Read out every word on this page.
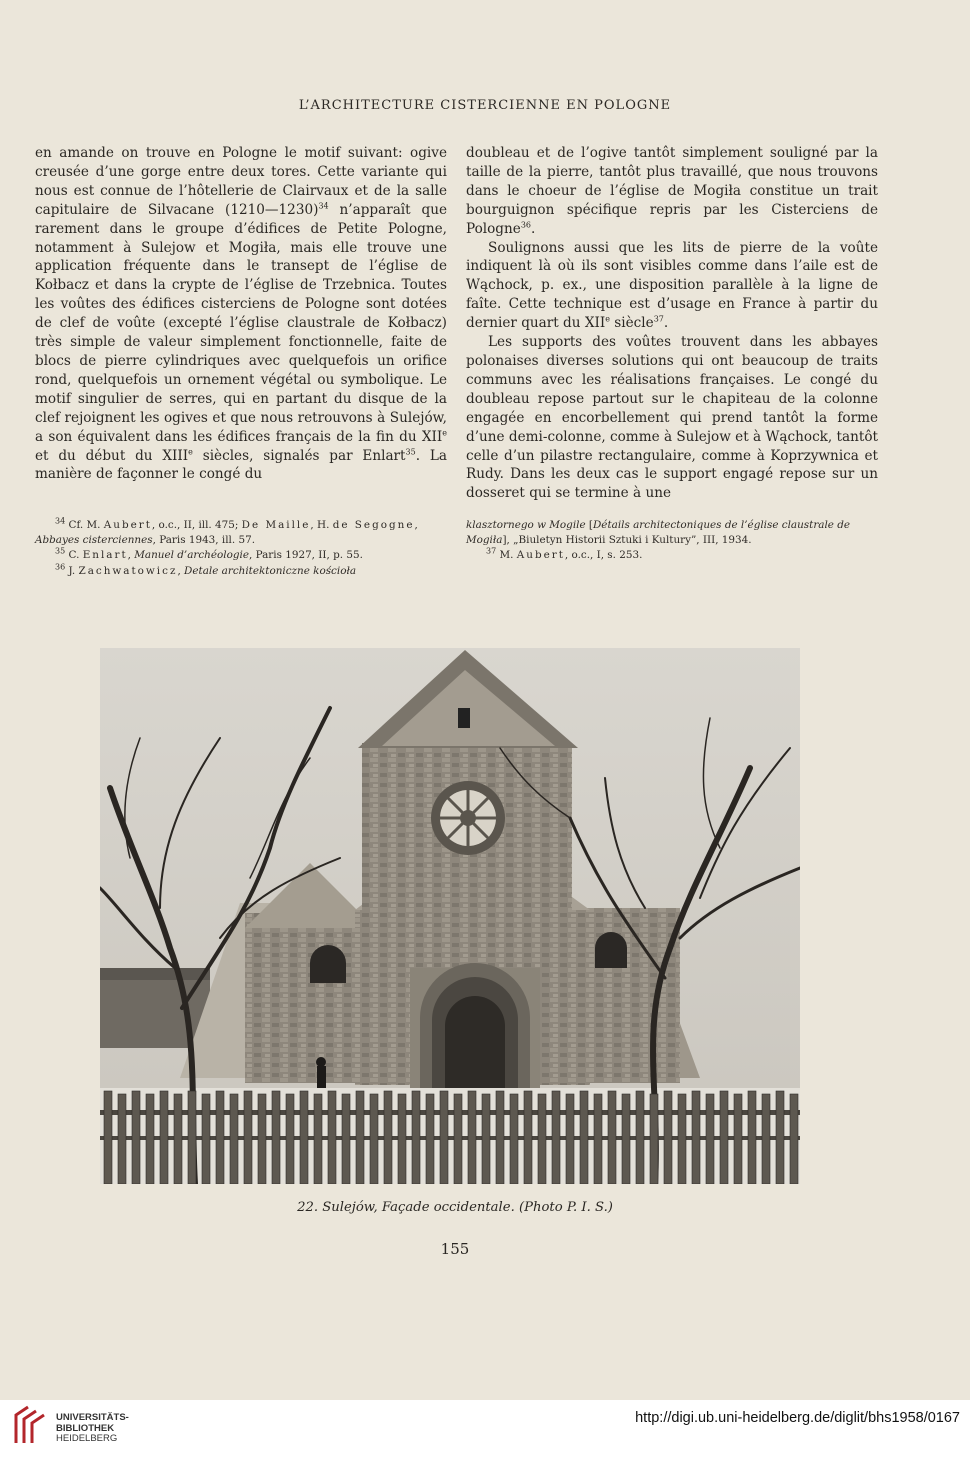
L’ARCHITECTURE CISTERCIENNE EN POLOGNE

en amande on trouve en Pologne le motif suivant: ogive creusée d’une gorge entre deux tores. Cette variante qui nous est connue de l’hôtellerie de Clairvaux et de la salle capitulaire de Silvacane (1210—1230)$^{34}$ n’apparaît que rarement dans le groupe d’édifices de Petite Pologne, notamment à Sulejow et Mogiła, mais elle trouve une application fréquente dans le transept de l’église de Kołbacz et dans la crypte de l’église de Trzebnica. Toutes les voûtes des édifices cisterciens de Pologne sont dotées de clef de voûte (excepté l’église claustrale de Kołbacz) très simple de valeur simplement fonctionnelle, faite de blocs de pierre cylindriques avec quelquefois un orifice rond, quelquefois un ornement végétal ou symbolique. Le motif singulier de serres, qui en partant du disque de la clef rejoignent les ogives et que nous retrouvons à Sulejów, a son équivalent dans les édifices français de la fin du XIIe et du début du XIIIe siècles, signalés par Enlart$^{35}$. La manière de façonner le congé du

doubleau et de l’ogive tantôt simplement souligné par la taille de la pierre, tantôt plus travaillé, que nous trouvons dans le choeur de l’église de Mogiła constitue un trait bourguignon spécifique repris par les Cisterciens de Pologne$^{36}$.

Soulignons aussi que les lits de pierre de la voûte indiquent là où ils sont visibles comme dans l’aile est de Wąchock, p. ex., une disposition parallèle à la ligne de faîte. Cette technique est d’usage en France à partir du dernier quart du XIIe siècle$^{37}$.

Les supports des voûtes trouvent dans les abbayes polonaises diverses solutions qui ont beaucoup de traits communs avec les réalisations françaises. Le congé du doubleau repose partout sur le chapiteau de la colonne engagée en encorbellement qui prend tantôt la forme d’une demi-colonne, comme à Sulejow et à Wąchock, tantôt celle d’un pilastre rectangulaire, comme à Koprzywnica et Rudy. Dans les deux cas le support engagé repose sur un dosseret qui se termine à une

$^{34}$ Cf. M. Aubert, o.c., II, ill. 475; De Maille, H. de Segogne, Abbayes cisterciennes, Paris 1943, ill. 57.

$^{35}$ C. Enlart, Manuel d’archéologie, Paris 1927, II, p. 55.

$^{36}$ J. Zachwatowicz, Detale architektoniczne kościoła

klasztornego w Mogile [Détails architectoniques de l’église claustrale de Mogiła], „Biuletyn Historii Sztuki i Kultury”, III, 1934.

$^{37}$ M. Aubert, o.c., I, s. 253.

22. Sulejów, Façade occidentale. (Photo P. I. S.)
155
UNIVERSITÄTS-
BIBLIOTHEK
HEIDELBERG
http://digi.ub.uni-heidelberg.de/diglit/bhs1958/0167
